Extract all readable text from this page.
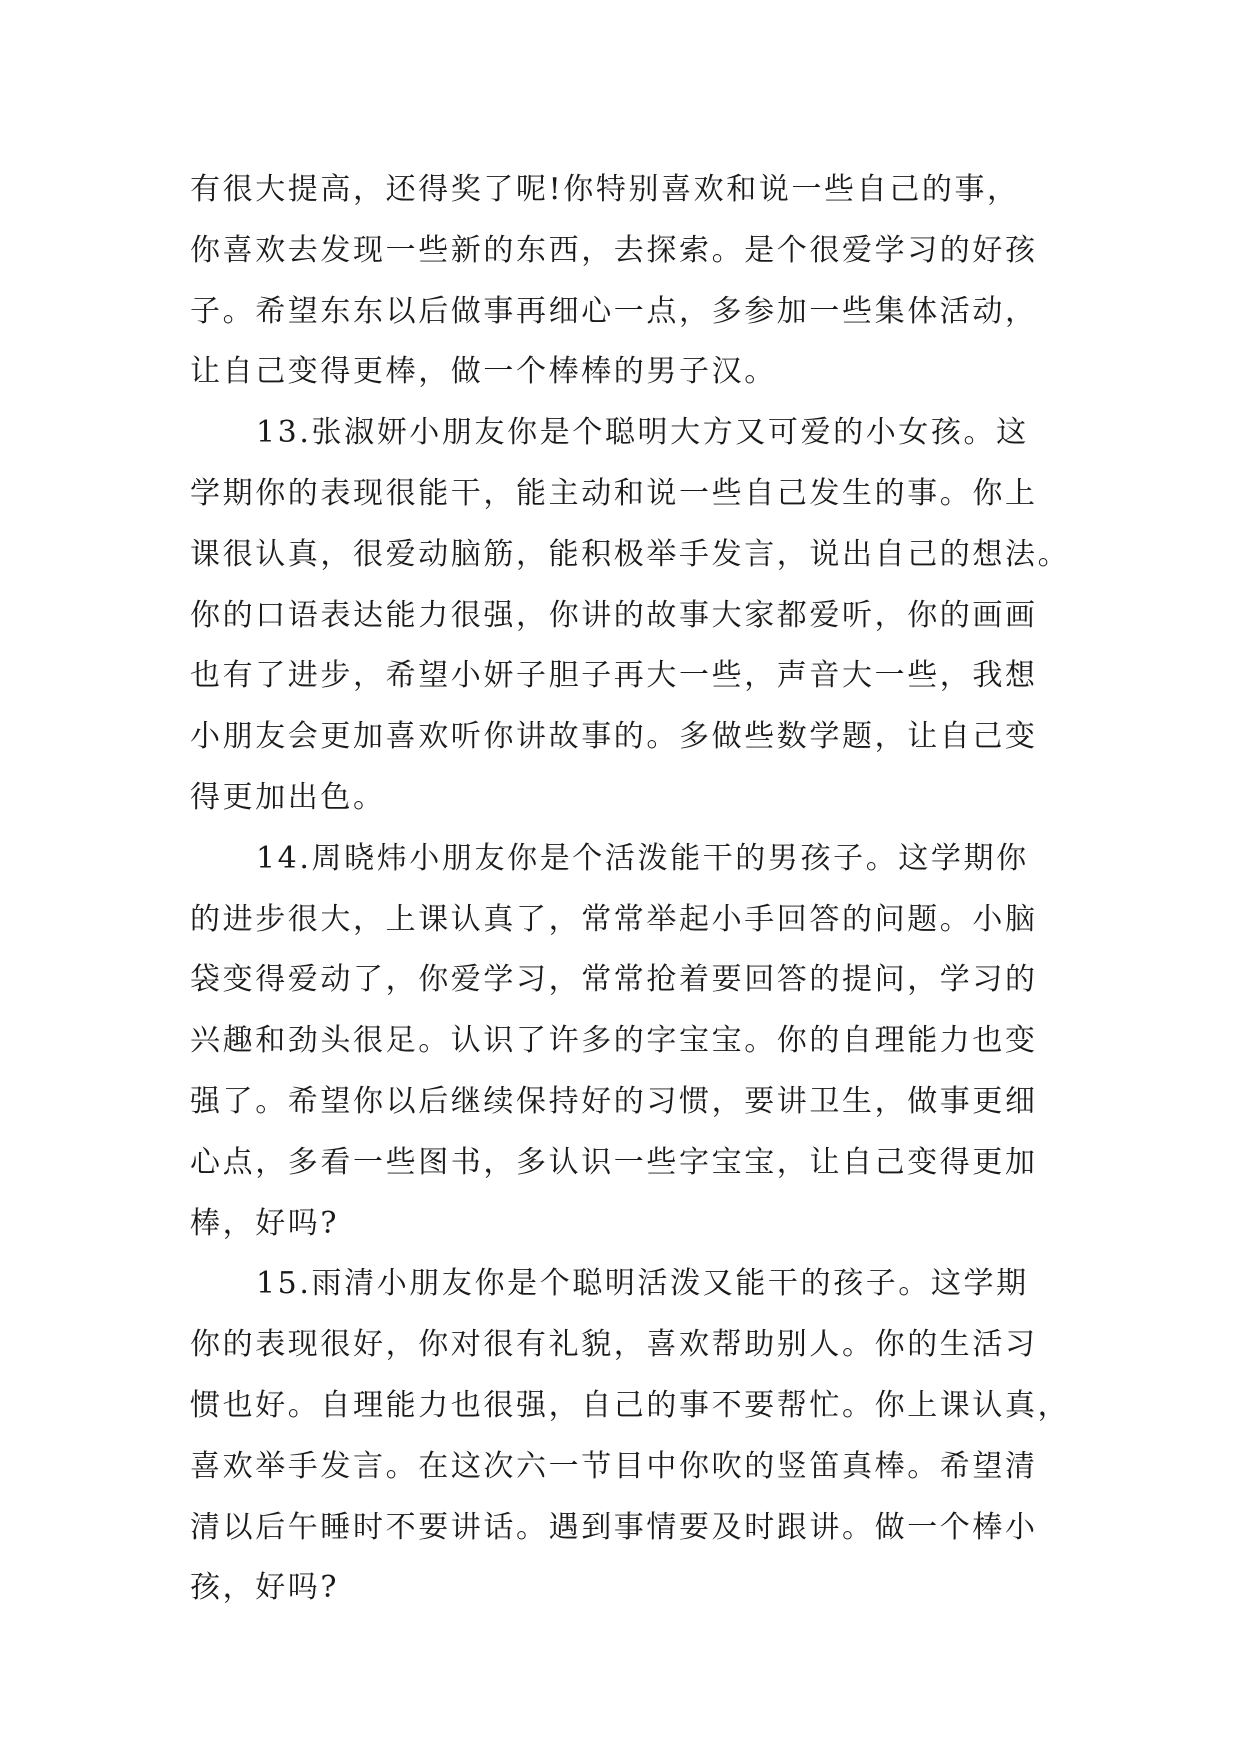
有很大提高，还得奖了呢!你特别喜欢和说一些自己的事，
你喜欢去发现一些新的东西，去探索。是个很爱学习的好孩
子。希望东东以后做事再细心一点，多参加一些集体活动，
让自己变得更棒，做一个棒棒的男子汉。

13.张淑妍小朋友你是个聪明大方又可爱的小女孩。这
学期你的表现很能干，能主动和说一些自己发生的事。你上
课很认真，很爱动脑筋，能积极举手发言，说出自己的想法。
你的口语表达能力很强，你讲的故事大家都爱听，你的画画
也有了进步，希望小妍子胆子再大一些，声音大一些，我想
小朋友会更加喜欢听你讲故事的。多做些数学题，让自己变
得更加出色。

14.周晓炜小朋友你是个活泼能干的男孩子。这学期你
的进步很大，上课认真了，常常举起小手回答的问题。小脑
袋变得爱动了，你爱学习，常常抢着要回答的提问，学习的
兴趣和劲头很足。认识了许多的字宝宝。你的自理能力也变
强了。希望你以后继续保持好的习惯，要讲卫生，做事更细
心点，多看一些图书，多认识一些字宝宝，让自己变得更加
棒，好吗?

15.雨清小朋友你是个聪明活泼又能干的孩子。这学期
你的表现很好，你对很有礼貌，喜欢帮助别人。你的生活习
惯也好。自理能力也很强，自己的事不要帮忙。你上课认真，
喜欢举手发言。在这次六一节目中你吹的竖笛真棒。希望清
清以后午睡时不要讲话。遇到事情要及时跟讲。做一个棒小
孩，好吗?
